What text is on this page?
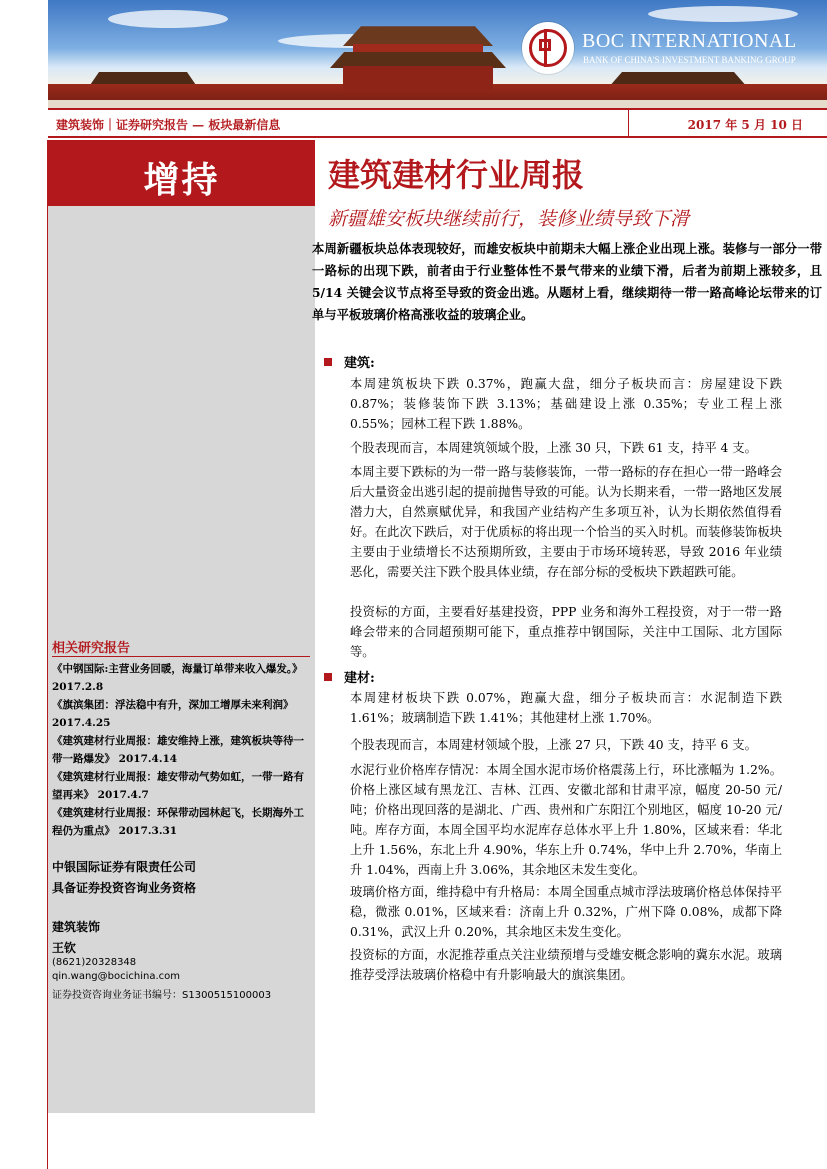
BOC INTERNATIONAL
BANK OF CHINA'S INVESTMENT BANKING GROUP
建筑装饰｜证券研究报告 — 板块最新信息	2017 年 5 月 10 日
增持
相关研究报告
《中钢国际:主营业务回暖，海量订单带来收入爆发。》 2017.2.8
《旗滨集团：浮法稳中有升，深加工增厚未来利润》 2017.4.25
《建筑建材行业周报：雄安维持上涨，建筑板块等待一带一路爆发》 2017.4.14
《建筑建材行业周报：雄安带动气势如虹，一带一路有望再来》 2017.4.7
《建筑建材行业周报：环保带动园林起飞，长期海外工程仍为重点》 2017.3.31
中银国际证券有限责任公司
具备证券投资咨询业务资格
建筑装饰
王钦
(8621)20328348
qin.wang@bocichina.com
证券投资咨询业务证书编号：S1300515100003
建筑建材行业周报
新疆雄安板块继续前行，装修业绩导致下滑
本周新疆板块总体表现较好，而雄安板块中前期未大幅上涨企业出现上涨。装修与一部分一带一路标的出现下跌，前者由于行业整体性不景气带来的业绩下滑，后者为前期上涨较多，且 5/14 关键会议节点将至导致的资金出逃。从题材上看，继续期待一带一路高峰论坛带来的订单与平板玻璃价格高涨收益的玻璃企业。
建筑:
本周建筑板块下跌 0.37%，跑赢大盘，细分子板块而言：房屋建设下跌 0.87%；装修装饰下跌 3.13%；基础建设上涨 0.35%；专业工程上涨 0.55%；园林工程下跌 1.88%。
个股表现而言，本周建筑领域个股，上涨 30 只，下跌 61 支，持平 4 支。
本周主要下跌标的为一带一路与装修装饰，一带一路标的存在担心一带一路峰会后大量资金出逃引起的提前抛售导致的可能。认为长期来看，一带一路地区发展潜力大，自然禀赋优异，和我国产业结构产生多项互补，认为长期依然值得看好。在此次下跌后，对于优质标的将出现一个恰当的买入时机。而装修装饰板块主要由于业绩增长不达预期所致，主要由于市场环境转恶，导致 2016 年业绩恶化，需要关注下跌个股具体业绩，存在部分标的受板块下跌超跌可能。
投资标的方面，主要看好基建投资，PPP 业务和海外工程投资，对于一带一路峰会带来的合同超预期可能下，重点推荐中钢国际，关注中工国际、北方国际等。
建材:
本周建材板块下跌 0.07%，跑赢大盘，细分子板块而言：水泥制造下跌 1.61%；玻璃制造下跌 1.41%；其他建材上涨 1.70%。
个股表现而言，本周建材领域个股，上涨 27 只，下跌 40 支，持平 6 支。
水泥行业价格库存情况：本周全国水泥市场价格震荡上行，环比涨幅为 1.2%。价格上涨区域有黑龙江、吉林、江西、安徽北部和甘肃平凉，幅度 20-50 元/吨；价格出现回落的是湖北、广西、贵州和广东阳江个别地区，幅度 10-20 元/吨。库存方面，本周全国平均水泥库存总体水平上升 1.80%，区域来看：华北上升 1.56%，东北上升 4.90%，华东上升 0.74%，华中上升 2.70%，华南上升 1.04%，西南上升 3.06%，其余地区未发生变化。
玻璃价格方面，维持稳中有升格局：本周全国重点城市浮法玻璃价格总体保持平稳，微涨 0.01%，区域来看：济南上升 0.32%，广州下降 0.08%，成都下降 0.31%，武汉上升 0.20%，其余地区未发生变化。
投资标的方面，水泥推荐重点关注业绩预增与受雄安概念影响的冀东水泥。玻璃推荐受浮法玻璃价格稳中有升影响最大的旗滨集团。
